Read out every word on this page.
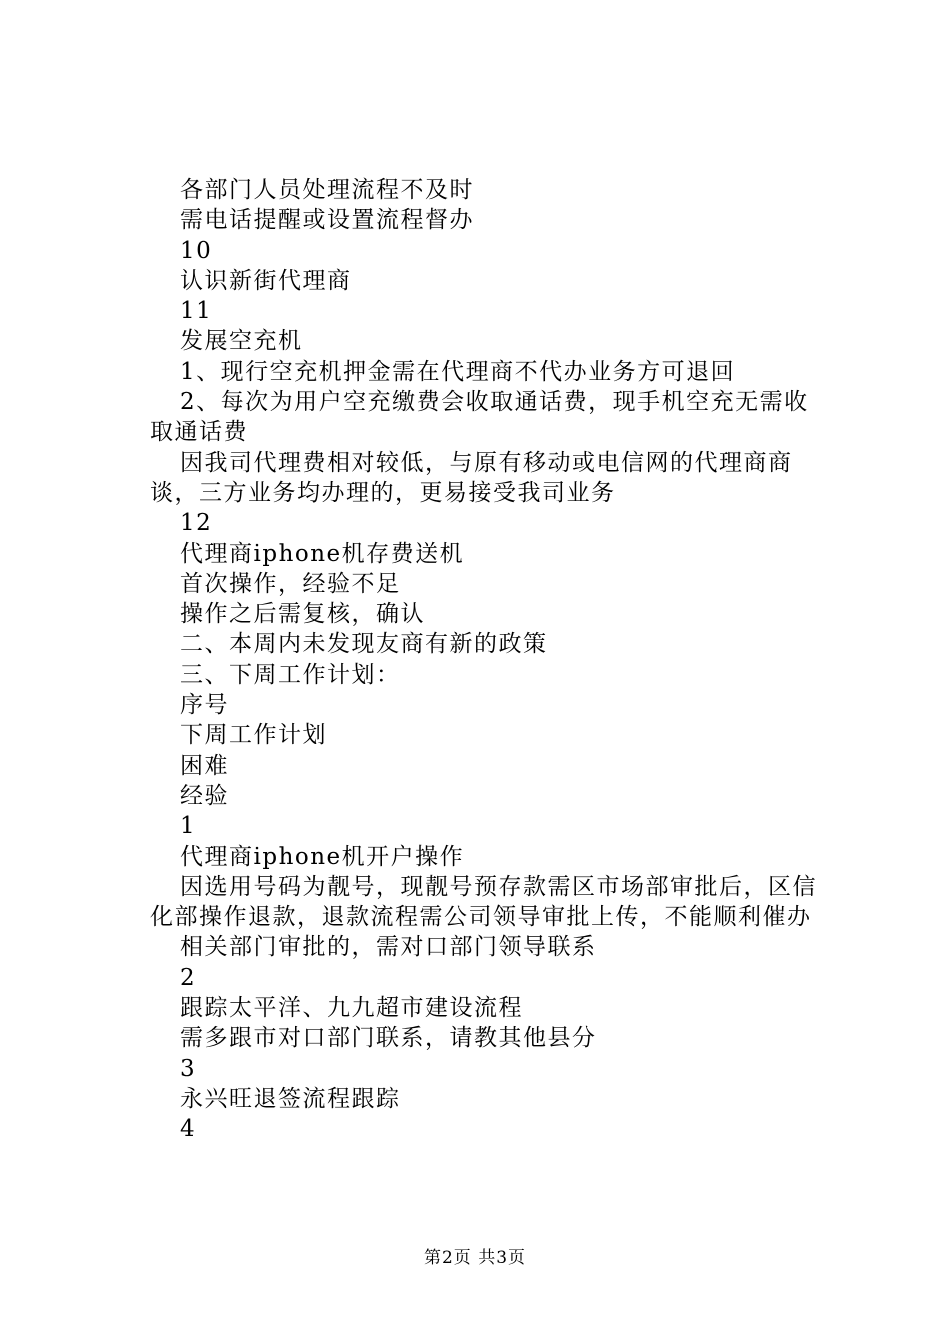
各部门人员处理流程不及时

需电话提醒或设置流程督办

10

认识新街代理商

11

发展空充机

1、现行空充机押金需在代理商不代办业务方可退回

2、每次为用户空充缴费会收取通话费，现手机空充无需收取通话费

因我司代理费相对较低，与原有移动或电信网的代理商商谈，三方业务均办理的，更易接受我司业务

12

代理商iphone机存费送机

首次操作，经验不足

操作之后需复核，确认

二、本周内未发现友商有新的政策

三、下周工作计划：

序号

下周工作计划

困难

经验

1

代理商iphone机开户操作

因选用号码为靓号，现靓号预存款需区市场部审批后，区信化部操作退款，退款流程需公司领导审批上传，不能顺利催办

相关部门审批的，需对口部门领导联系

2

跟踪太平洋、九九超市建设流程

需多跟市对口部门联系，请教其他县分

3

永兴旺退签流程跟踪

4

第2页 共3页
